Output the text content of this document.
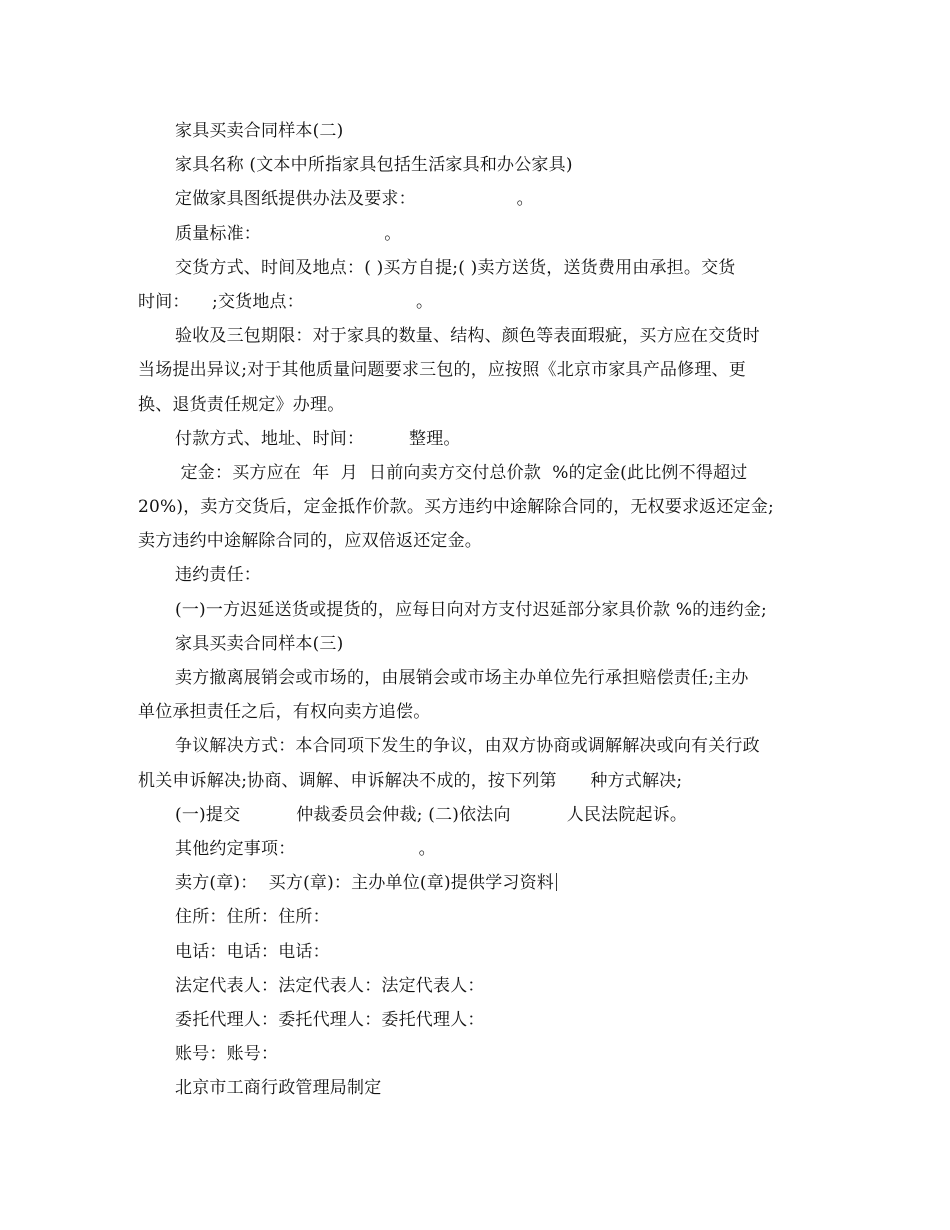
家具买卖合同样本(二)
家具名称 (文本中所指家具包括生活家具和办公家具)
定做家具图纸提供办法及要求：                  。
质量标准：                      。
交货方式、时间及地点：( )买方自提;( )卖方送货，送货费用由承担。交货
时间：    ;交货地点：                    。
验收及三包期限：对于家具的数量、结构、颜色等表面瑕疵，买方应在交货时
当场提出异议;对于其他质量问题要求三包的，应按照《北京市家具产品修理、更
换、退货责任规定》办理。
付款方式、地址、时间：        整理。
定金：买方应在  年  月  日前向卖方交付总价款  %的定金(此比例不得超过
20%)，卖方交货后，定金抵作价款。买方违约中途解除合同的，无权要求返还定金;
卖方违约中途解除合同的，应双倍返还定金。
违约责任：
(一)一方迟延送货或提货的，应每日向对方支付迟延部分家具价款 %的违约金;
家具买卖合同样本(三)
卖方撤离展销会或市场的，由展销会或市场主办单位先行承担赔偿责任;主办
单位承担责任之后，有权向卖方追偿。
争议解决方式：本合同项下发生的争议，由双方协商或调解解决或向有关行政
机关申诉解决;协商、调解、申诉解决不成的，按下列第      种方式解决;
(一)提交          仲裁委员会仲裁; (二)依法向          人民法院起诉。
其他约定事项：                      。
卖方(章)：  买方(章)：主办单位(章)提供学习资料
住所：住所：住所：
电话：电话：电话：
法定代表人：法定代表人：法定代表人：
委托代理人：委托代理人：委托代理人：
账号：账号：
北京市工商行政管理局制定
